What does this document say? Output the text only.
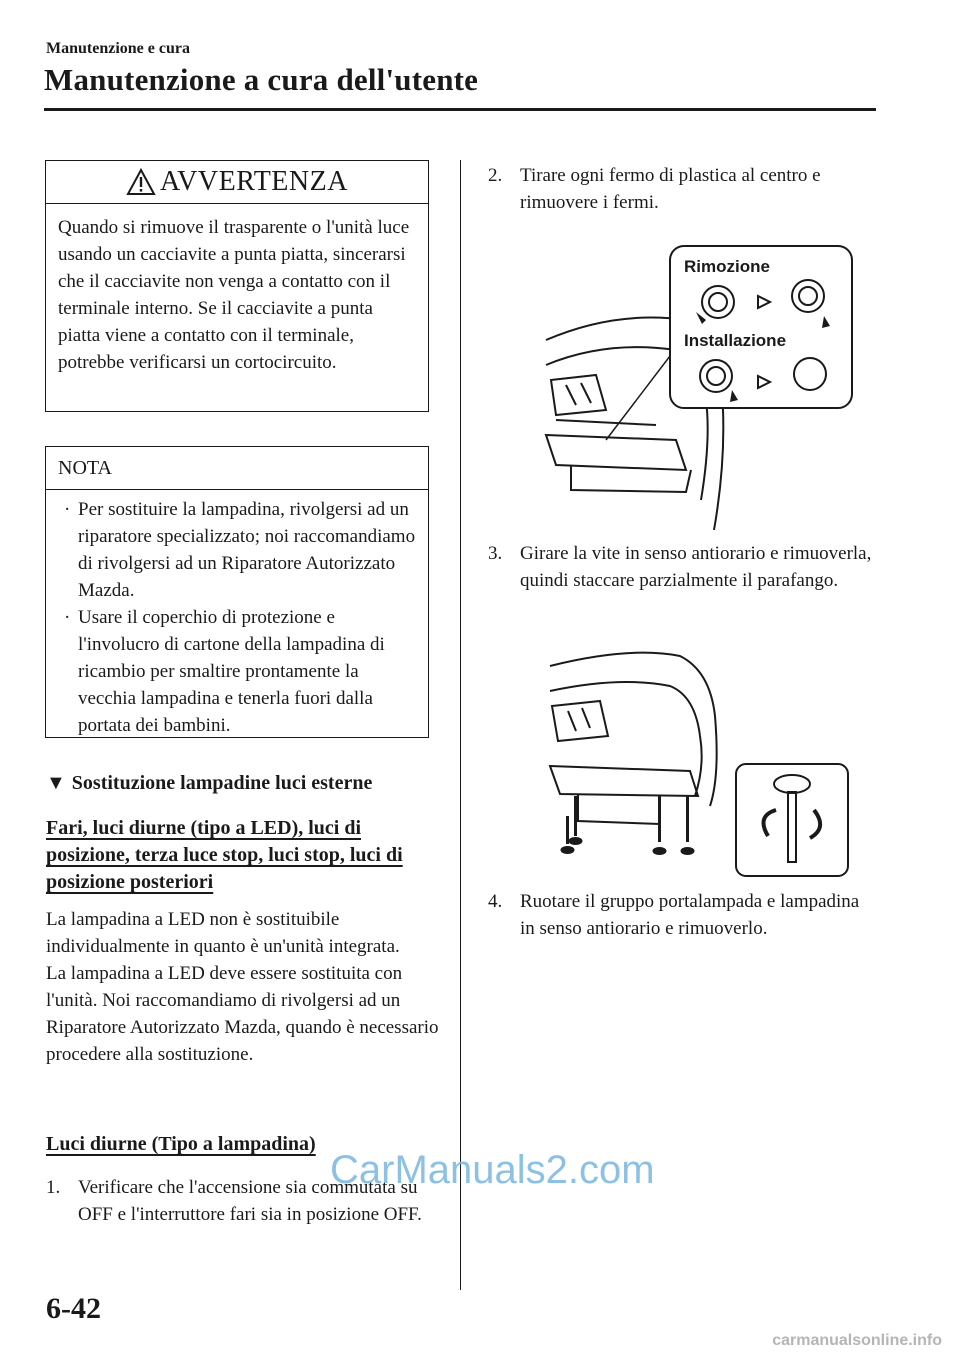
Manutenzione e cura
Manutenzione a cura dell'utente
AVVERTENZA
Quando si rimuove il trasparente o l'unità luce usando un cacciavite a punta piatta, sincerarsi che il cacciavite non venga a contatto con il terminale interno. Se il cacciavite a punta piatta viene a contatto con il terminale, potrebbe verificarsi un cortocircuito.
NOTA
· Per sostituire la lampadina, rivolgersi ad un riparatore specializzato; noi raccomandiamo di rivolgersi ad un Riparatore Autorizzato Mazda.
· Usare il coperchio di protezione e l'involucro di cartone della lampadina di ricambio per smaltire prontamente la vecchia lampadina e tenerla fuori dalla portata dei bambini.
▼ Sostituzione lampadine luci esterne
Fari, luci diurne (tipo a LED), luci di posizione, terza luce stop, luci stop, luci di posizione posteriori
La lampadina a LED non è sostituibile individualmente in quanto è un'unità integrata.
La lampadina a LED deve essere sostituita con l'unità. Noi raccomandiamo di rivolgersi ad un Riparatore Autorizzato Mazda, quando è necessario procedere alla sostituzione.
Luci diurne (Tipo a lampadina)
1. Verificare che l'accensione sia commutata su OFF e l'interruttore fari sia in posizione OFF.
2. Tirare ogni fermo di plastica al centro e rimuovere i fermi.
Rimozione
Installazione
3. Girare la vite in senso antiorario e rimuoverla, quindi staccare parzialmente il parafango.
4. Ruotare il gruppo portalampada e lampadina in senso antiorario e rimuoverlo.
CarManuals2.com
6-42
carmanualsonline.info
